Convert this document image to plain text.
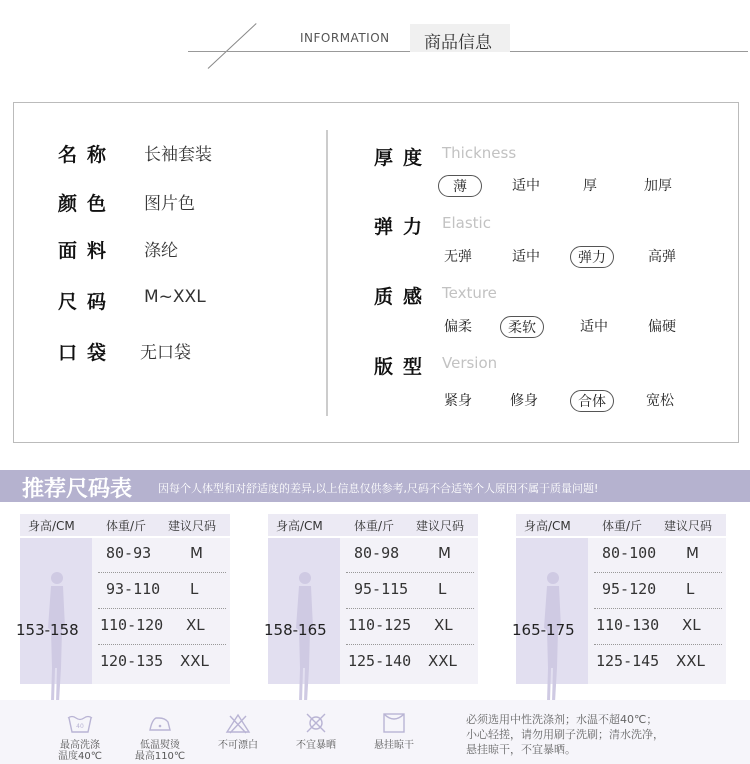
INFORMATION 商品信息
名称 长袖套装
颜色 图片色
面料 涤纶
尺码 M~XXL
口袋 无口袋
厚度 Thickness
薄	适中	厚	加厚
弹力 Elastic
无弹	适中	弹力	高弹
质感 Texture
偏柔	柔软	适中	偏硬
版型 Version
紧身	修身	合体	宽松
推荐尺码表 因每个人体型和对舒适度的差异,以上信息仅供参考,尺码不合适等个人原因不属于质量问题!
身高/CM	体重/斤 建议尺码
153-158
80-93	M
93-110 L
110-120 XL
120-135 XXL
身高/CM	体重/斤 建议尺码
158-165
80-98	M
95-115 L
110-125 XL
125-140 XXL
身高/CM	体重/斤 建议尺码
165-175
80-100 M
95-120 L
110-130 XL
125-145 XXL
40
最高洗涤
温度40℃
低温熨烫
最高110℃
不可漂白	不宜暴晒	悬挂晾干
必须选用中性洗涤剂；水温不超40℃；
小心轻搓，请勿用刷子洗刷；清水洗净，
悬挂晾干，不宜暴晒。
